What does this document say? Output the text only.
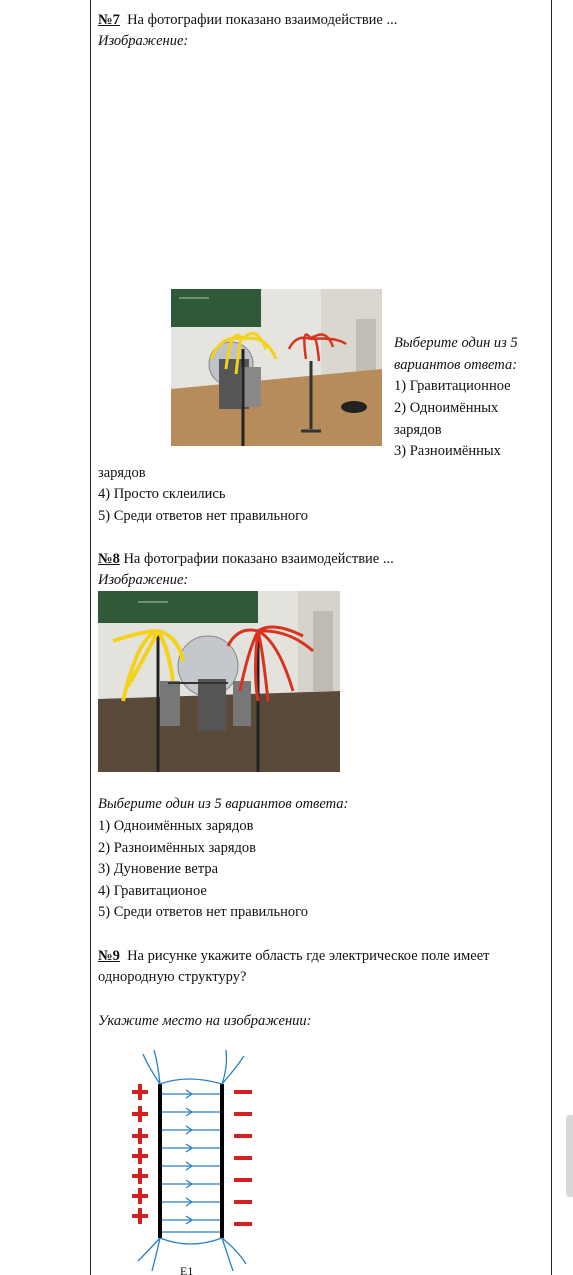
№7 На фотографии показано взаимодействие ...
Изображение:
Выберите один из 5
вариантов ответа:
1) Гравитационное
2) Одноимённых
зарядов
3) Разноимённых
зарядов
4) Просто склеились
5) Среди ответов нет правильного
№8 На фотографии показано взаимодействие ...
Изображение:
Выберите один из 5 вариантов ответа:
1) Одноимённых зарядов
2) Разноимённых зарядов
3) Дуновение ветра
4) Гравитационое
5) Среди ответов нет правильного
№9 На рисунке укажите область где электрическое поле имеет
однородную структуру?
Укажите место на изображении:
E1
